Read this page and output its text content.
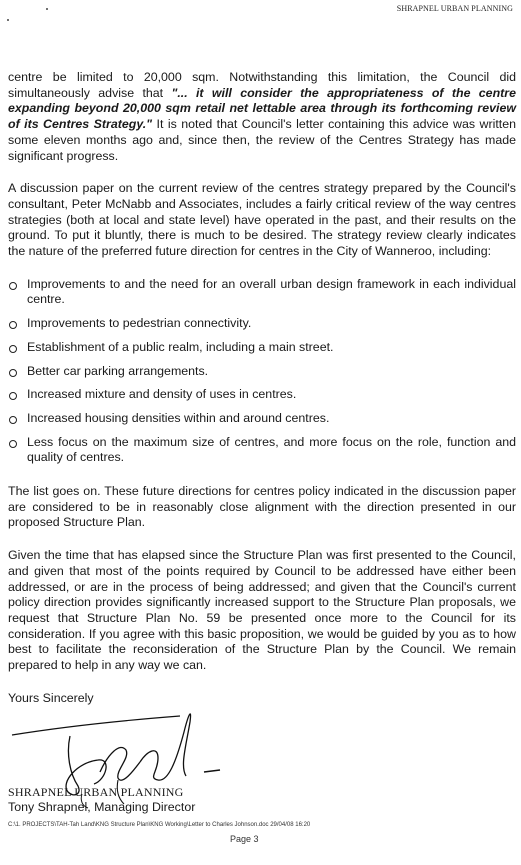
SHRAPNEL URBAN PLANNING

centre be limited to 20,000 sqm. Notwithstanding this limitation, the Council did simultaneously advise that "... it will consider the appropriateness of the centre expanding beyond 20,000 sqm retail net lettable area through its forthcoming review of its Centres Strategy." It is noted that Council's letter containing this advice was written some eleven months ago and, since then, the review of the Centres Strategy has made significant progress.

A discussion paper on the current review of the centres strategy prepared by the Council's consultant, Peter McNabb and Associates, includes a fairly critical review of the way centres strategies (both at local and state level) have operated in the past, and their results on the ground. To put it bluntly, there is much to be desired. The strategy review clearly indicates the nature of the preferred future direction for centres in the City of Wanneroo, including:

Improvements to and the need for an overall urban design framework in each individual centre.
Improvements to pedestrian connectivity.
Establishment of a public realm, including a main street.
Better car parking arrangements.
Increased mixture and density of uses in centres.
Increased housing densities within and around centres.
Less focus on the maximum size of centres, and more focus on the role, function and quality of centres.

The list goes on. These future directions for centres policy indicated in the discussion paper are considered to be in reasonably close alignment with the direction presented in our proposed Structure Plan.

Given the time that has elapsed since the Structure Plan was first presented to the Council, and given that most of the points required by Council to be addressed have either been addressed, or are in the process of being addressed; and given that the Council's current policy direction provides significantly increased support to the Structure Plan proposals, we request that Structure Plan No. 59 be presented once more to the Council for its consideration. If you agree with this basic proposition, we would be guided by you as to how best to facilitate the reconsideration of the Structure Plan by the Council. We remain prepared to help in any way we can.

Yours Sincerely

SHRAPNEL URBAN PLANNING
Tony Shrapnel, Managing Director
C:\1. PROJECTS\TAH-Tah Land\KNG Structure Plan\KNG Working\Letter to Charles Johnson.doc 29/04/08 16:20
Page 3
